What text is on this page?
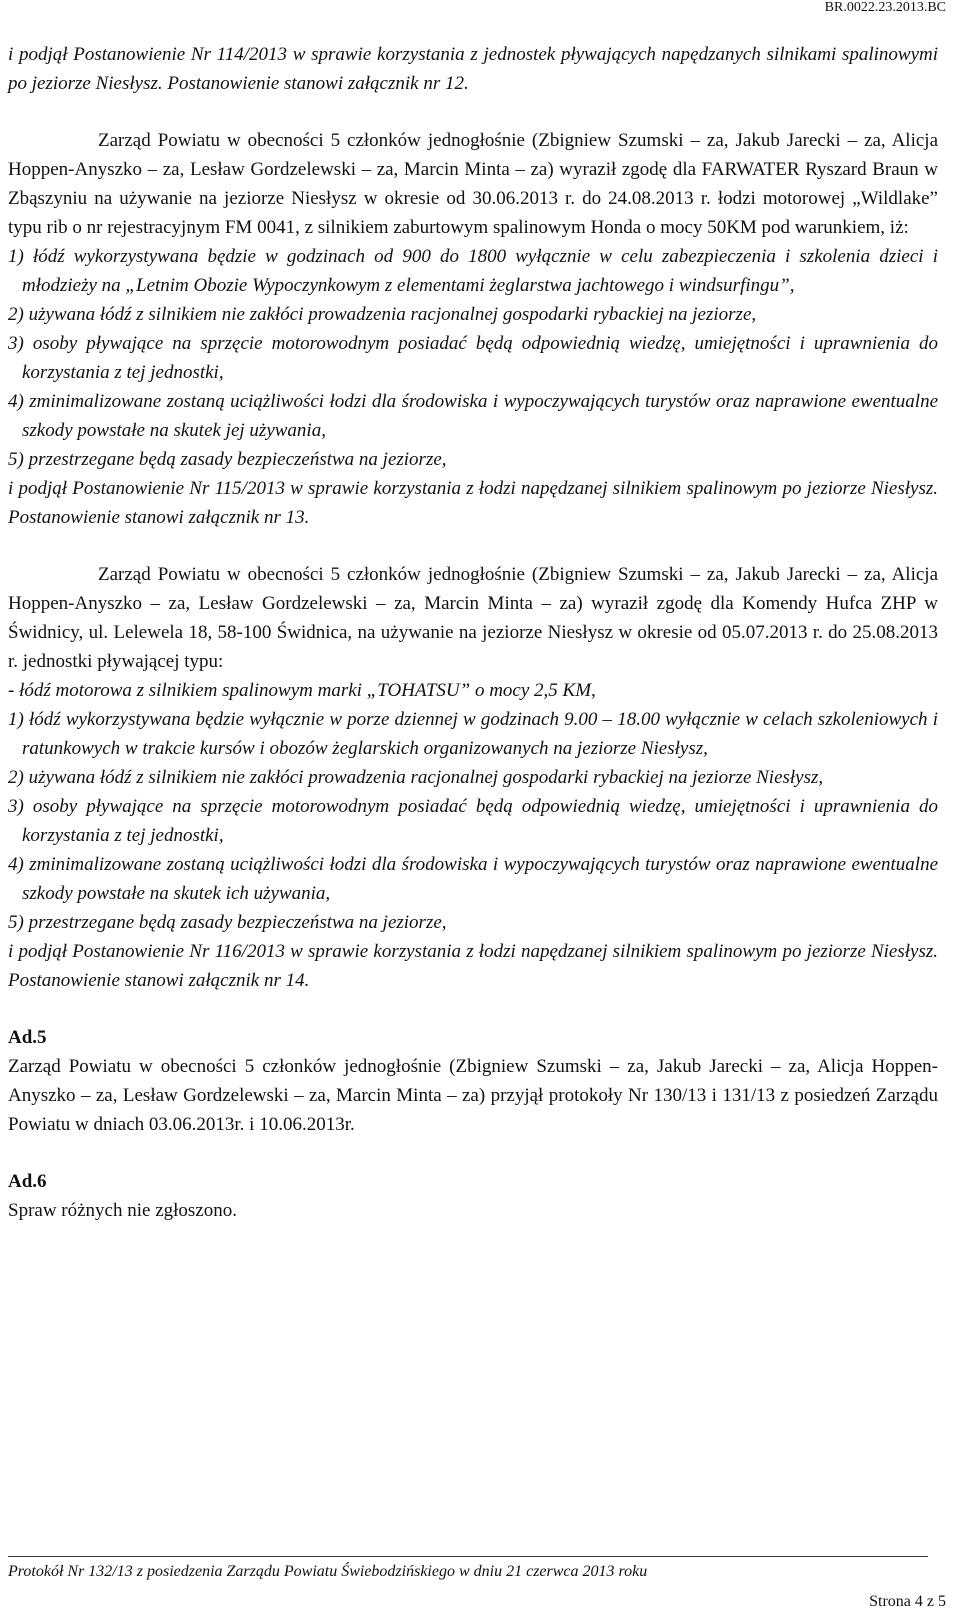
BR.0022.23.2013.BC

i podjął Postanowienie Nr 114/2013 w sprawie korzystania z jednostek pływających napędzanych silnikami spalinowymi po jeziorze Niesłysz. Postanowienie stanowi załącznik nr 12.

Zarząd Powiatu w obecności 5 członków jednogłośnie (Zbigniew Szumski – za, Jakub Jarecki – za, Alicja Hoppen-Anyszko – za, Lesław Gordzelewski – za, Marcin Minta – za) wyraził zgodę dla FARWATER Ryszard Braun w Zbąszyniu na używanie na jeziorze Niesłysz w okresie od 30.06.2013 r. do 24.08.2013 r. łodzi motorowej „Wildlake” typu rib o nr rejestracyjnym FM 0041, z silnikiem zaburtowym spalinowym Honda o mocy 50KM pod warunkiem, iż:

1) łódź wykorzystywana będzie w godzinach od 900 do 1800 wyłącznie w celu zabezpieczenia i szkolenia dzieci i młodzieży na „Letnim Obozie Wypoczynkowym z elementami żeglarstwa jachtowego i windsurfingu”,

2) używana łódź z silnikiem nie zakłóci prowadzenia racjonalnej gospodarki rybackiej na jeziorze,

3) osoby pływające na sprzęcie motorowodnym posiadać będą odpowiednią wiedzę, umiejętności i uprawnienia do korzystania z tej jednostki,

4) zminimalizowane zostaną uciążliwości łodzi dla środowiska i wypoczywających turystów oraz naprawione ewentualne szkody powstałe na skutek jej używania,

5) przestrzegane będą zasady bezpieczeństwa na jeziorze,

i podjął Postanowienie Nr 115/2013 w sprawie korzystania z łodzi napędzanej silnikiem spalinowym po jeziorze Niesłysz. Postanowienie stanowi załącznik nr 13.

Zarząd Powiatu w obecności 5 członków jednogłośnie (Zbigniew Szumski – za, Jakub Jarecki – za, Alicja Hoppen-Anyszko – za, Lesław Gordzelewski – za, Marcin Minta – za) wyraził zgodę dla Komendy Hufca ZHP w Świdnicy, ul. Lelewela 18, 58-100 Świdnica, na używanie na jeziorze Niesłysz w okresie od 05.07.2013 r. do 25.08.2013 r. jednostki pływającej typu:

- łódź motorowa z silnikiem spalinowym marki „TOHATSU” o mocy 2,5 KM,

1) łódź wykorzystywana będzie wyłącznie w porze dziennej w godzinach 9.00 – 18.00 wyłącznie w celach szkoleniowych i ratunkowych w trakcie kursów i obozów żeglarskich organizowanych na jeziorze Niesłysz,

2) używana łódź z silnikiem nie zakłóci prowadzenia racjonalnej gospodarki rybackiej na jeziorze Niesłysz,

3) osoby pływające na sprzęcie motorowodnym posiadać będą odpowiednią wiedzę, umiejętności i uprawnienia do korzystania z tej jednostki,

4) zminimalizowane zostaną uciążliwości łodzi dla środowiska i wypoczywających turystów oraz naprawione ewentualne szkody powstałe na skutek ich używania,

5) przestrzegane będą zasady bezpieczeństwa na jeziorze,

i podjął Postanowienie Nr 116/2013 w sprawie korzystania z łodzi napędzanej silnikiem spalinowym po jeziorze Niesłysz. Postanowienie stanowi załącznik nr 14.

Ad.5

Zarząd Powiatu w obecności 5 członków jednogłośnie (Zbigniew Szumski – za, Jakub Jarecki – za, Alicja Hoppen-Anyszko – za, Lesław Gordzelewski – za, Marcin Minta – za) przyjął protokoły Nr 130/13 i 131/13 z posiedzeń Zarządu Powiatu w dniach 03.06.2013r. i 10.06.2013r.

Ad.6

Spraw różnych nie zgłoszono.

Protokół Nr 132/13 z posiedzenia Zarządu Powiatu Świebodzińskiego w dniu 21 czerwca 2013 roku
Strona 4 z 5
